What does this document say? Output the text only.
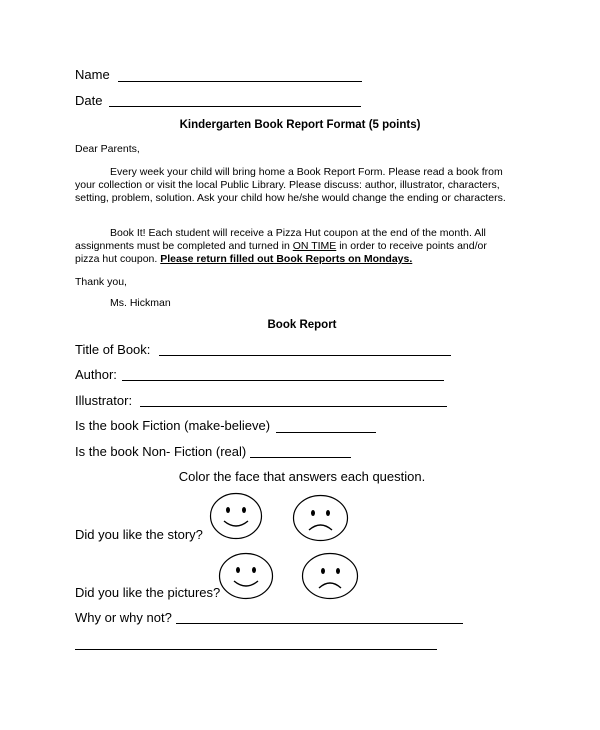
Name
Date
Kindergarten Book Report Format (5 points)
Dear Parents,
Every week your child will bring home a Book Report Form. Please read a book from
your collection or visit the local Public Library. Please discuss: author, illustrator, characters, setting, problem, solution. Ask your child how he/she would change the ending or characters.
Book It! Each student will receive a Pizza Hut coupon at the end of the month. All
assignments must be completed and turned in ON TIME in order to receive points and/or
pizza hut coupon. Please return filled out Book Reports on Mondays.
Thank you,
Ms. Hickman
Book Report
Title of Book:
Author:
Illustrator:
Is the book Fiction (make-believe)
Is the book Non- Fiction (real)
Color the face that answers each question.
Did you like the story?
Did you like the pictures?
Why or why not?
